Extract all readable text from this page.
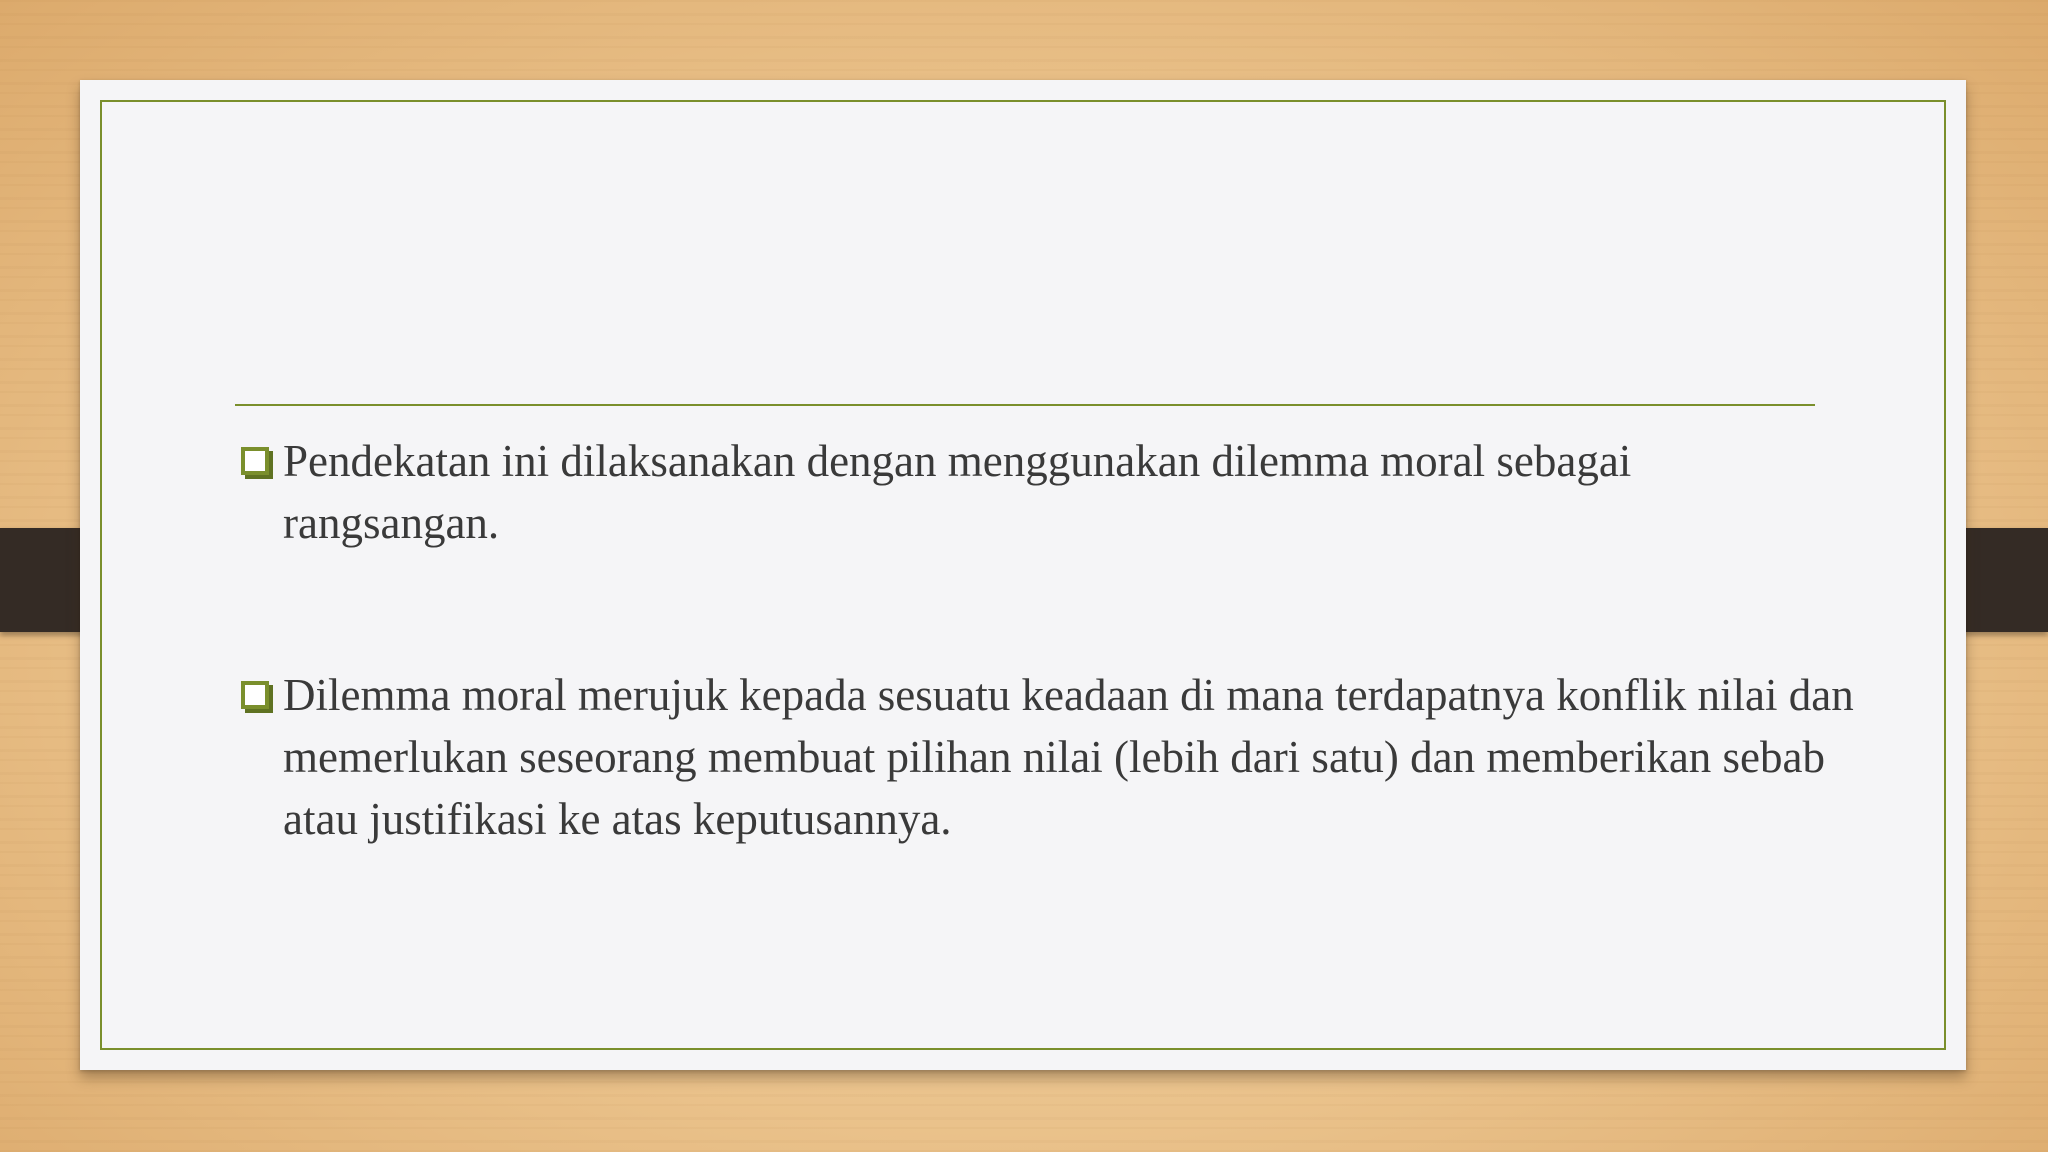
Pendekatan ini dilaksanakan dengan menggunakan dilemma moral sebagai rangsangan.
Dilemma moral merujuk kepada sesuatu keadaan di mana terdapatnya konflik nilai dan memerlukan seseorang membuat pilihan nilai (lebih dari satu) dan memberikan sebab atau justifikasi ke atas keputusannya.
